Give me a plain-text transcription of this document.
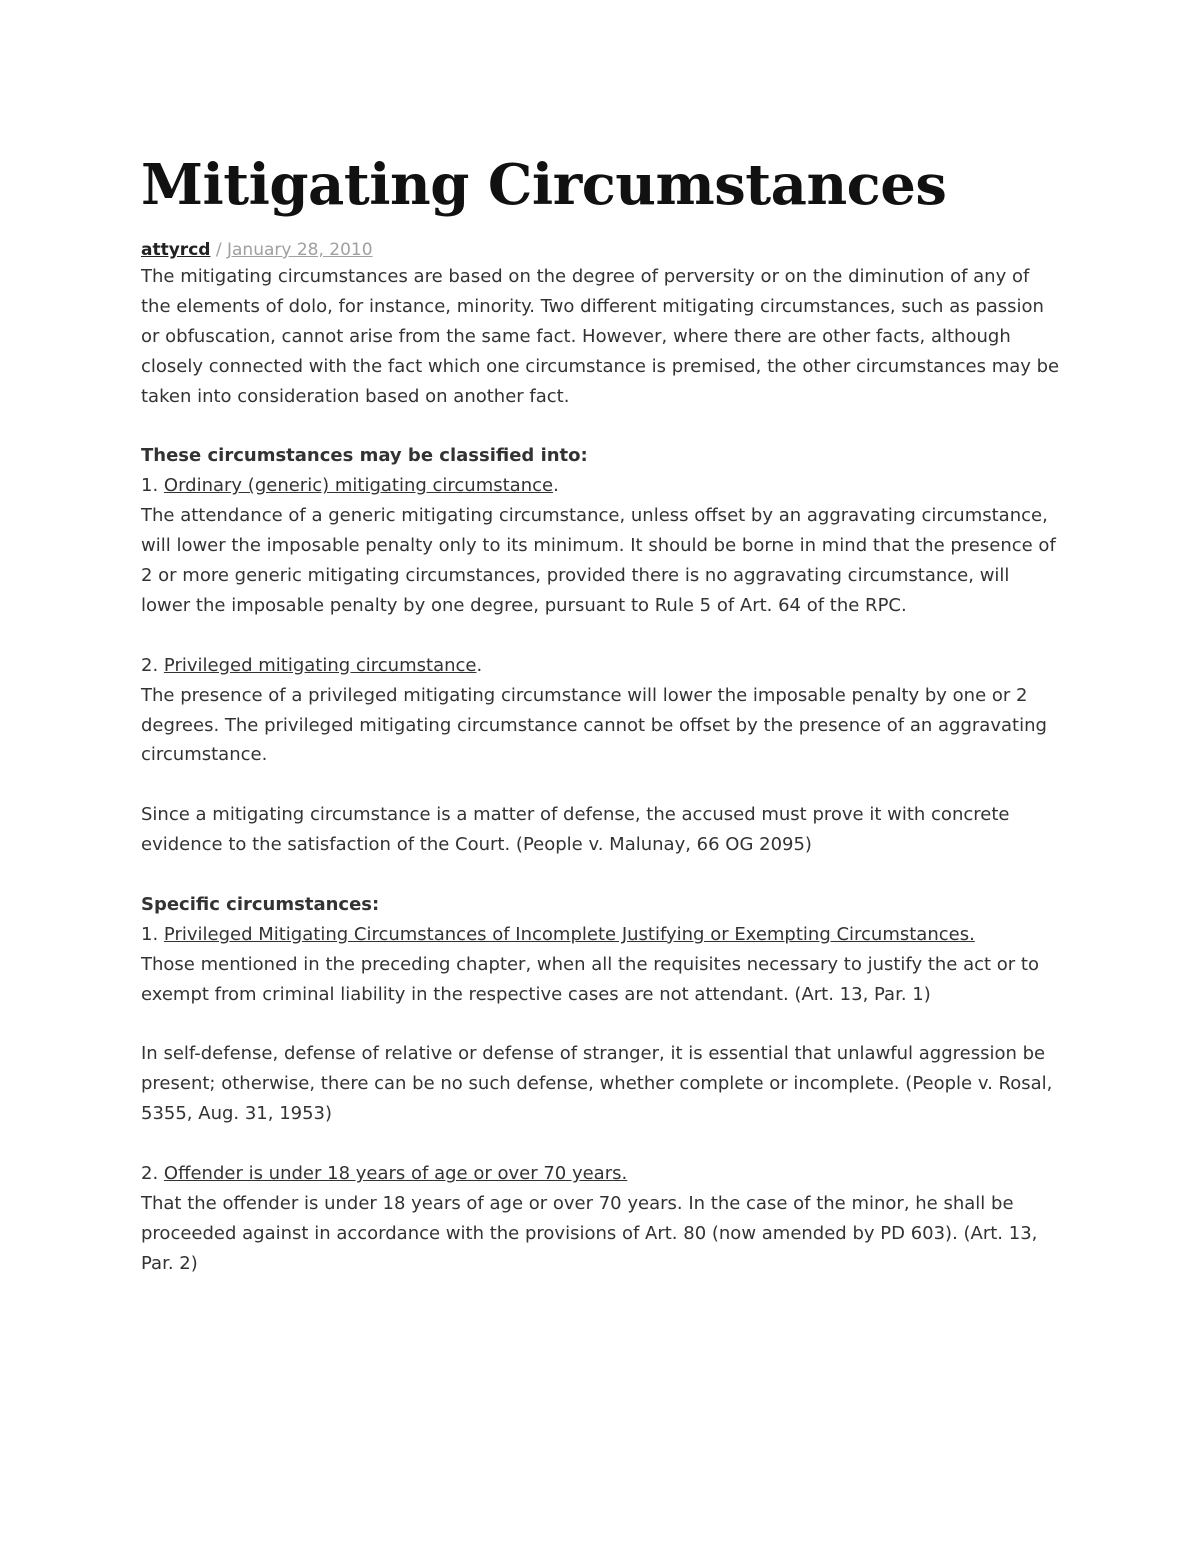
Mitigating Circumstances
attyrcd / January 28, 2010

The mitigating circumstances are based on the degree of perversity or on the diminution of any of the elements of dolo, for instance, minority. Two different mitigating circumstances, such as passion or obfuscation, cannot arise from the same fact. However, where there are other facts, although closely connected with the fact which one circumstance is premised, the other circumstances may be taken into consideration based on another fact.

These circumstances may be classified into:

1. Ordinary (generic) mitigating circumstance.

The attendance of a generic mitigating circumstance, unless offset by an aggravating circumstance, will lower the imposable penalty only to its minimum. It should be borne in mind that the presence of 2 or more generic mitigating circumstances, provided there is no aggravating circumstance, will lower the imposable penalty by one degree, pursuant to Rule 5 of Art. 64 of the RPC.

2. Privileged mitigating circumstance.

The presence of a privileged mitigating circumstance will lower the imposable penalty by one or 2 degrees. The privileged mitigating circumstance cannot be offset by the presence of an aggravating circumstance.

Since a mitigating circumstance is a matter of defense, the accused must prove it with concrete evidence to the satisfaction of the Court. (People v. Malunay, 66 OG 2095)

Specific circumstances:

1. Privileged Mitigating Circumstances of Incomplete Justifying or Exempting Circumstances.

Those mentioned in the preceding chapter, when all the requisites necessary to justify the act or to exempt from criminal liability in the respective cases are not attendant. (Art. 13, Par. 1)

In self-defense, defense of relative or defense of stranger, it is essential that unlawful aggression be present; otherwise, there can be no such defense, whether complete or incomplete. (People v. Rosal, 5355, Aug. 31, 1953)

2. Offender is under 18 years of age or over 70 years.

That the offender is under 18 years of age or over 70 years. In the case of the minor, he shall be proceeded against in accordance with the provisions of Art. 80 (now amended by PD 603). (Art. 13, Par. 2)
